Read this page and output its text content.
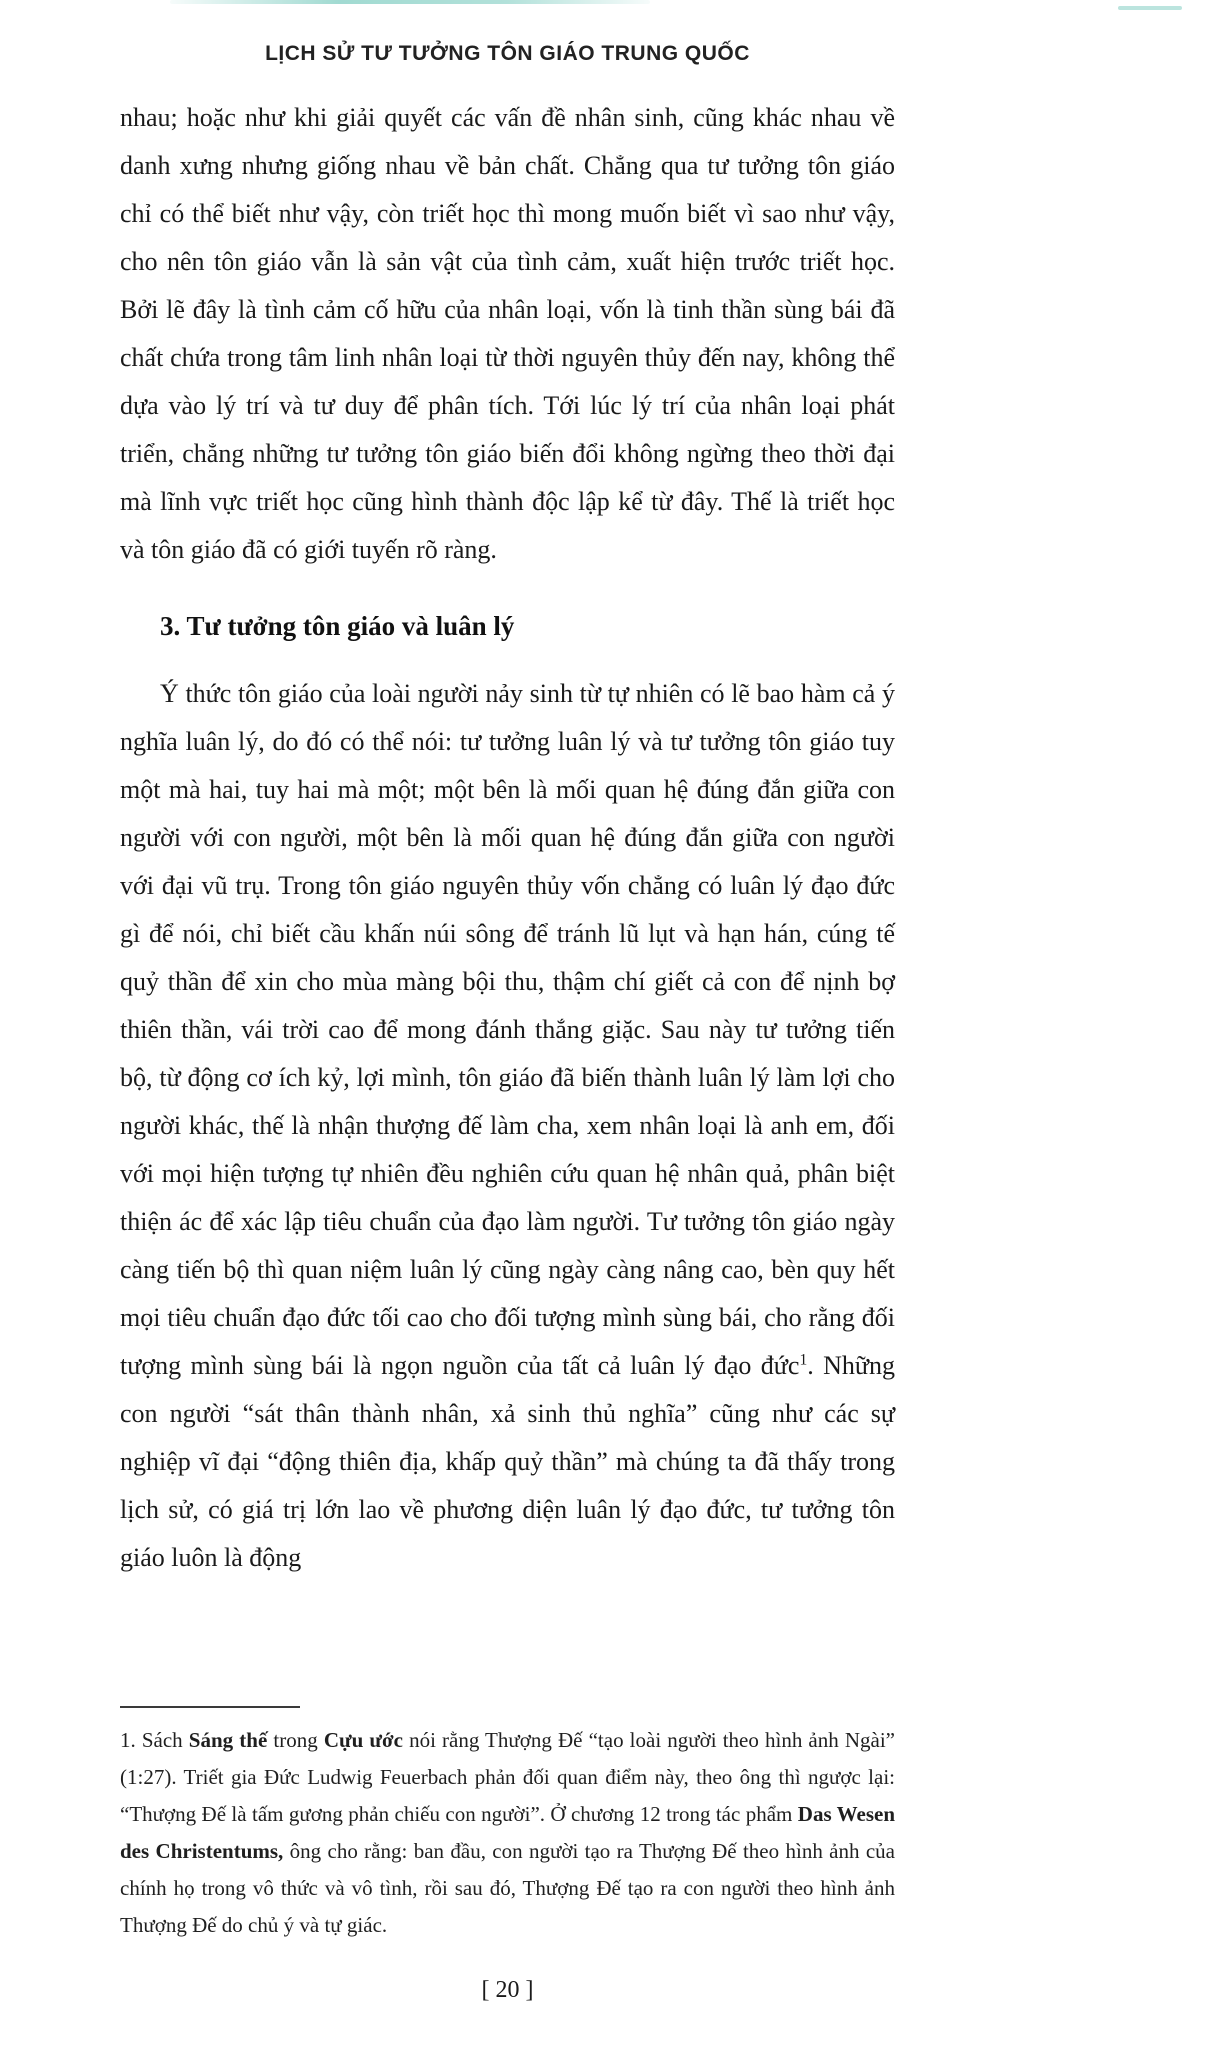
LỊCH SỬ TƯ TƯỞNG TÔN GIÁO TRUNG QUỐC

nhau; hoặc như khi giải quyết các vấn đề nhân sinh, cũng khác nhau về danh xưng nhưng giống nhau về bản chất. Chẳng qua tư tưởng tôn giáo chỉ có thể biết như vậy, còn triết học thì mong muốn biết vì sao như vậy, cho nên tôn giáo vẫn là sản vật của tình cảm, xuất hiện trước triết học. Bởi lẽ đây là tình cảm cố hữu của nhân loại, vốn là tinh thần sùng bái đã chất chứa trong tâm linh nhân loại từ thời nguyên thủy đến nay, không thể dựa vào lý trí và tư duy để phân tích. Tới lúc lý trí của nhân loại phát triển, chẳng những tư tưởng tôn giáo biến đổi không ngừng theo thời đại mà lĩnh vực triết học cũng hình thành độc lập kể từ đây. Thế là triết học và tôn giáo đã có giới tuyến rõ ràng.

3. Tư tưởng tôn giáo và luân lý

Ý thức tôn giáo của loài người nảy sinh từ tự nhiên có lẽ bao hàm cả ý nghĩa luân lý, do đó có thể nói: tư tưởng luân lý và tư tưởng tôn giáo tuy một mà hai, tuy hai mà một; một bên là mối quan hệ đúng đắn giữa con người với con người, một bên là mối quan hệ đúng đắn giữa con người với đại vũ trụ. Trong tôn giáo nguyên thủy vốn chẳng có luân lý đạo đức gì để nói, chỉ biết cầu khấn núi sông để tránh lũ lụt và hạn hán, cúng tế quỷ thần để xin cho mùa màng bội thu, thậm chí giết cả con để nịnh bợ thiên thần, vái trời cao để mong đánh thắng giặc. Sau này tư tưởng tiến bộ, từ động cơ ích kỷ, lợi mình, tôn giáo đã biến thành luân lý làm lợi cho người khác, thế là nhận thượng đế làm cha, xem nhân loại là anh em, đối với mọi hiện tượng tự nhiên đều nghiên cứu quan hệ nhân quả, phân biệt thiện ác để xác lập tiêu chuẩn của đạo làm người. Tư tưởng tôn giáo ngày càng tiến bộ thì quan niệm luân lý cũng ngày càng nâng cao, bèn quy hết mọi tiêu chuẩn đạo đức tối cao cho đối tượng mình sùng bái, cho rằng đối tượng mình sùng bái là ngọn nguồn của tất cả luân lý đạo đức$^1$. Những con người “sát thân thành nhân, xả sinh thủ nghĩa” cũng như các sự nghiệp vĩ đại “động thiên địa, khấp quỷ thần” mà chúng ta đã thấy trong lịch sử, có giá trị lớn lao về phương diện luân lý đạo đức, tư tưởng tôn giáo luôn là động

1. Sách Sáng thế trong Cựu ước nói rằng Thượng Đế “tạo loài người theo hình ảnh Ngài” (1:27). Triết gia Đức Ludwig Feuerbach phản đối quan điểm này, theo ông thì ngược lại: “Thượng Đế là tấm gương phản chiếu con người”. Ở chương 12 trong tác phẩm Das Wesen des Christentums, ông cho rằng: ban đầu, con người tạo ra Thượng Đế theo hình ảnh của chính họ trong vô thức và vô tình, rồi sau đó, Thượng Đế tạo ra con người theo hình ảnh Thượng Đế do chủ ý và tự giác.

[ 20 ]
